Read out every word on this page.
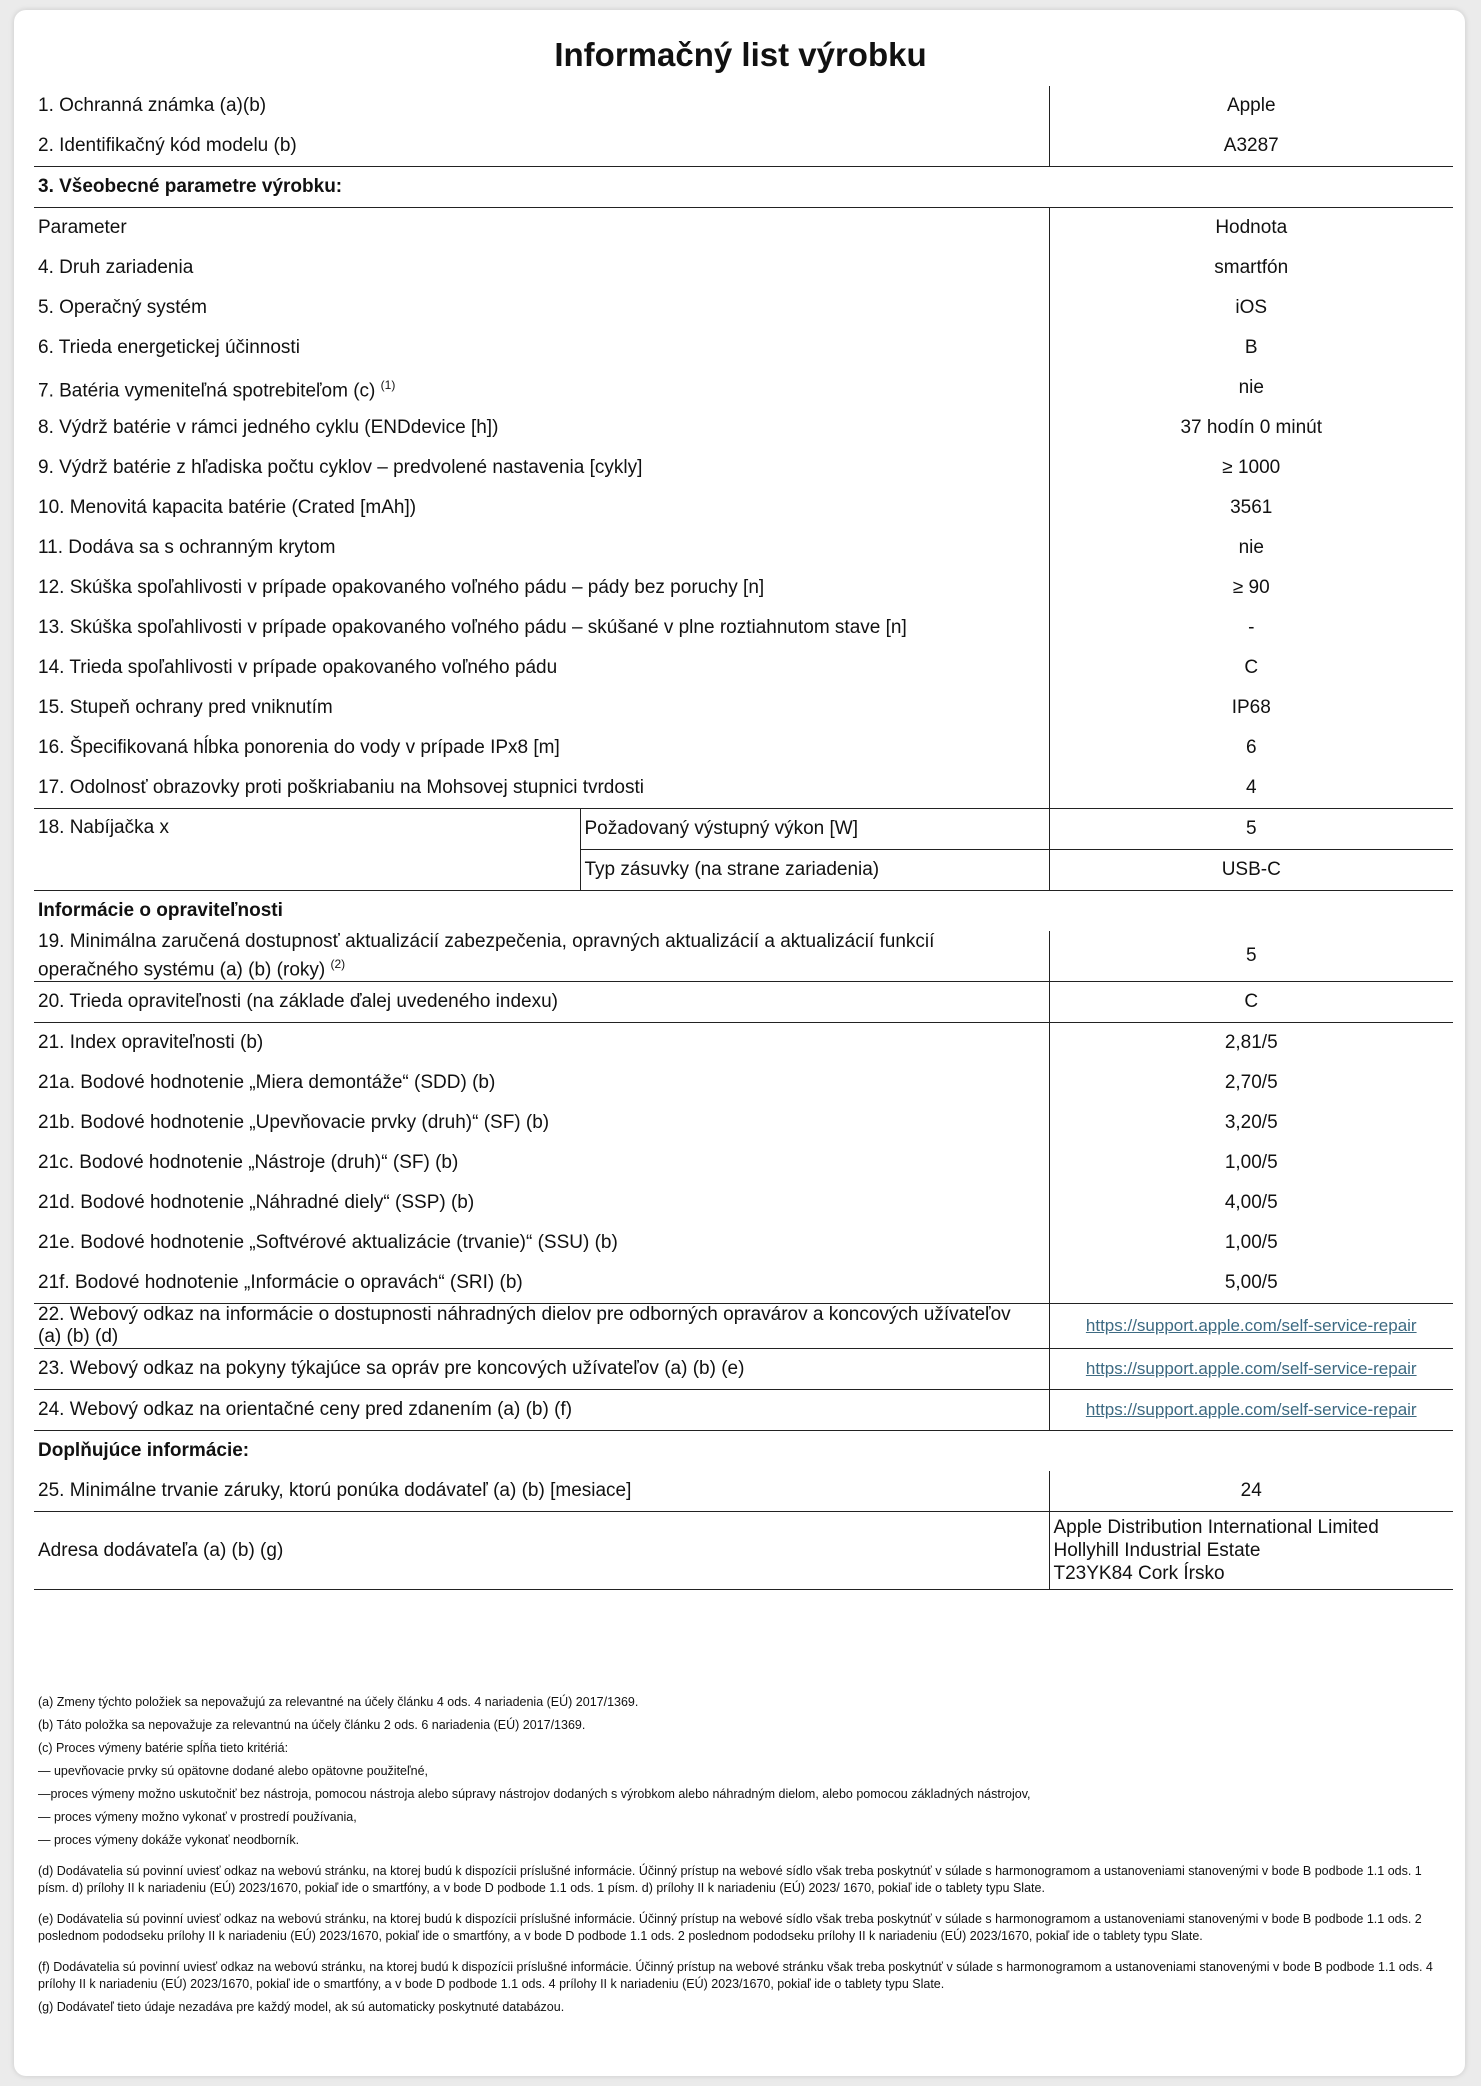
Informačný list výrobku
1. Ochranná známka (a)(b)		Apple
2. Identifikačný kód modelu (b)		A3287
3. Všeobecné parametre výrobku:		
Parameter		Hodnota
4. Druh zariadenia		smartfón
5. Operačný systém		iOS
6. Trieda energetickej účinnosti		B
7. Batéria vymeniteľná spotrebiteľom (c) $^{(1)}$		nie
8. Výdrž batérie v rámci jedného cyklu (ENDdevice [h])		37 hodín 0 minút
9. Výdrž batérie z hľadiska počtu cyklov – predvolené nastavenia [cykly]		≥ 1000
10. Menovitá kapacita batérie (Crated [mAh])		3561
11. Dodáva sa s ochranným krytom		nie
12. Skúška spoľahlivosti v prípade opakovaného voľného pádu – pády bez poruchy [n]		≥ 90
13. Skúška spoľahlivosti v prípade opakovaného voľného pádu – skúšané v plne roztiahnutom stave [n]		-
14. Trieda spoľahlivosti v prípade opakovaného voľného pádu		C
15. Stupeň ochrany pred vniknutím		IP68
16. Špecifikovaná hĺbka ponorenia do vody v prípade IPx8 [m]		6
17. Odolnosť obrazovky proti poškriabaniu na Mohsovej stupnici tvrdosti		4
18. Nabíjačka x	Požadovaný výstupný výkon [W]	5
	Typ zásuvky (na strane zariadenia)	USB-C
Informácie o opraviteľnosti		
19. Minimálna zaručená dostupnosť aktualizácií zabezpečenia, opravných aktualizácií a aktualizácií funkcií operačného systému (a) (b) (roky) $^{(2)}$		5
20. Trieda opraviteľnosti (na základe ďalej uvedeného indexu)		C
21. Index opraviteľnosti (b)		2,81/5
21a. Bodové hodnotenie „Miera demontáže“ (SDD) (b)		2,70/5
21b. Bodové hodnotenie „Upevňovacie prvky (druh)“ (SF) (b)		3,20/5
21c. Bodové hodnotenie „Nástroje (druh)“ (SF) (b)		1,00/5
21d. Bodové hodnotenie „Náhradné diely“ (SSP) (b)		4,00/5
21e. Bodové hodnotenie „Softvérové aktualizácie (trvanie)“ (SSU) (b)		1,00/5
21f. Bodové hodnotenie „Informácie o opravách“ (SRI) (b)		5,00/5
22. Webový odkaz na informácie o dostupnosti náhradných dielov pre odborných opravárov a koncových užívateľov (a) (b) (d)		https://support.apple.com/self-service-repair
23. Webový odkaz na pokyny týkajúce sa opráv pre koncových užívateľov (a) (b) (e)		https://support.apple.com/self-service-repair
24. Webový odkaz na orientačné ceny pred zdanením (a) (b) (f)		https://support.apple.com/self-service-repair
Doplňujúce informácie:		
25. Minimálne trvanie záruky, ktorú ponúka dodávateľ (a) (b) [mesiace]		24
Adresa dodávateľa (a) (b) (g)		Apple Distribution International Limited
Hollyhill Industrial Estate
T23YK84 Cork Írsko

(a) Zmeny týchto položiek sa nepovažujú za relevantné na účely článku 4 ods. 4 nariadenia (EÚ) 2017/1369.

(b) Táto položka sa nepovažuje za relevantnú na účely článku 2 ods. 6 nariadenia (EÚ) 2017/1369.

(c) Proces výmeny batérie spĺňa tieto kritériá:

— upevňovacie prvky sú opätovne dodané alebo opätovne použiteľné,

—proces výmeny možno uskutočniť bez nástroja, pomocou nástroja alebo súpravy nástrojov dodaných s výrobkom alebo náhradným dielom, alebo pomocou základných nástrojov,

— proces výmeny možno vykonať v prostredí používania,

— proces výmeny dokáže vykonať neodborník.

(d) Dodávatelia sú povinní uviesť odkaz na webovú stránku, na ktorej budú k dispozícii príslušné informácie. Účinný prístup na webové sídlo však treba poskytnúť v súlade s harmonogramom a ustanoveniami stanovenými v bode B podbode 1.1 ods. 1 písm. d) prílohy II k nariadeniu (EÚ) 2023/1670, pokiaľ ide o smartfóny, a v bode D podbode 1.1 ods. 1 písm. d) prílohy II k nariadeniu (EÚ) 2023/ 1670, pokiaľ ide o tablety typu Slate.

(e) Dodávatelia sú povinní uviesť odkaz na webovú stránku, na ktorej budú k dispozícii príslušné informácie. Účinný prístup na webové sídlo však treba poskytnúť v súlade s harmonogramom a ustanoveniami stanovenými v bode B podbode 1.1 ods. 2 poslednom pododseku prílohy II k nariadeniu (EÚ) 2023/1670, pokiaľ ide o smartfóny, a v bode D podbode 1.1 ods. 2 poslednom pododseku prílohy II k nariadeniu (EÚ) 2023/1670, pokiaľ ide o tablety typu Slate.

(f) Dodávatelia sú povinní uviesť odkaz na webovú stránku, na ktorej budú k dispozícii príslušné informácie. Účinný prístup na webové stránku však treba poskytnúť v súlade s harmonogramom a ustanoveniami stanovenými v bode B podbode 1.1 ods. 4 prílohy II k nariadeniu (EÚ) 2023/1670, pokiaľ ide o smartfóny, a v bode D podbode 1.1 ods. 4 prílohy II k nariadeniu (EÚ) 2023/1670, pokiaľ ide o tablety typu Slate.

(g) Dodávateľ tieto údaje nezadáva pre každý model, ak sú automaticky poskytnuté databázou.
